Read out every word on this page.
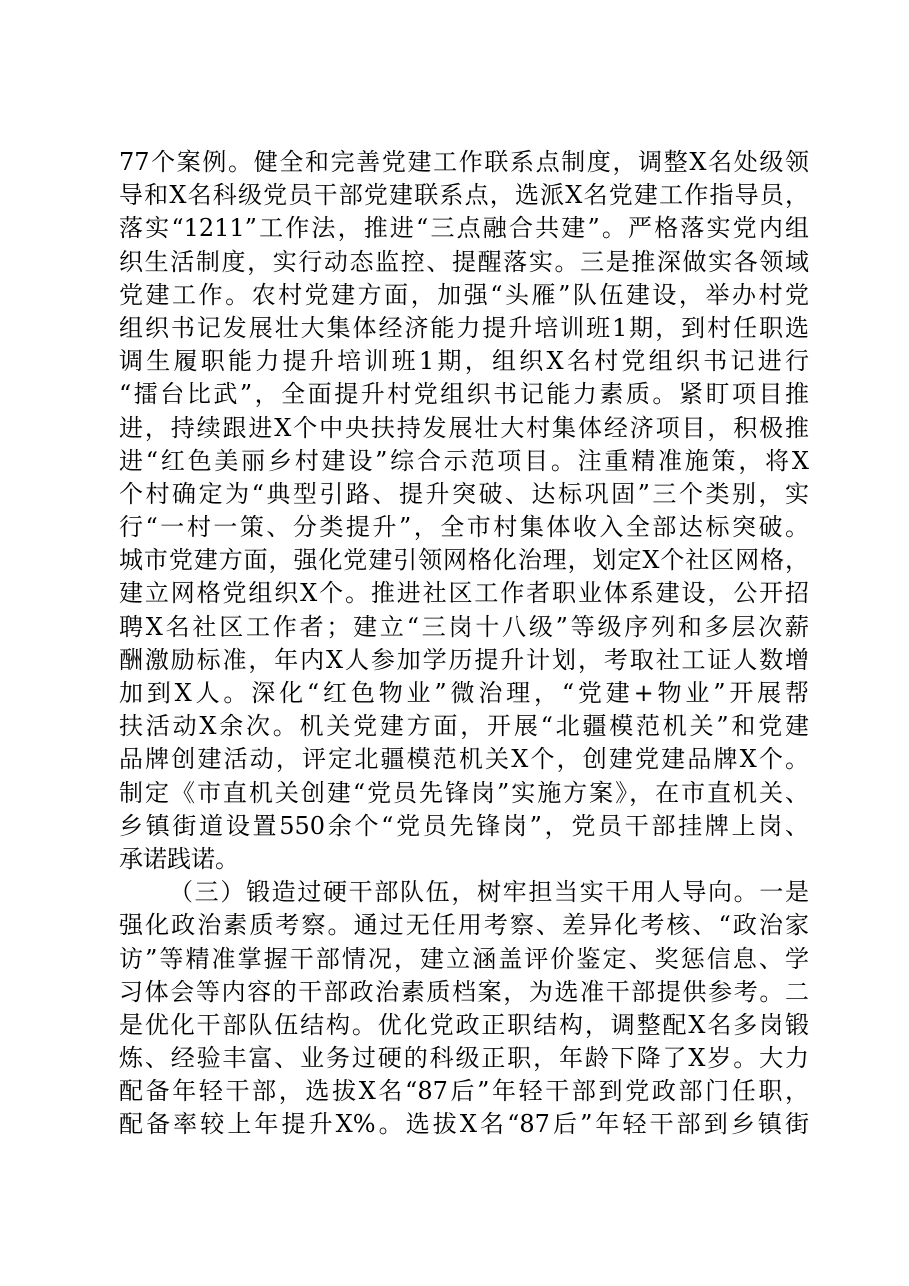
77个案例。健全和完善党建工作联系点制度，调整X名处级领
导和X名科级党员干部党建联系点，选派X名党建工作指导员，
落实“1211”工作法，推进“三点融合共建”。严格落实党内组
织生活制度，实行动态监控、提醒落实。三是推深做实各领域
党建工作。农村党建方面，加强“头雁”队伍建设，举办村党
组织书记发展壮大集体经济能力提升培训班1期，到村任职选
调生履职能力提升培训班1期，组织X名村党组织书记进行
“擂台比武”，全面提升村党组织书记能力素质。紧盯项目推
进，持续跟进X个中央扶持发展壮大村集体经济项目，积极推
进“红色美丽乡村建设”综合示范项目。注重精准施策，将X
个村确定为“典型引路、提升突破、达标巩固”三个类别，实
行“一村一策、分类提升”，全市村集体收入全部达标突破。
城市党建方面，强化党建引领网格化治理，划定X个社区网格，
建立网格党组织X个。推进社区工作者职业体系建设，公开招
聘X名社区工作者；建立“三岗十八级”等级序列和多层次薪
酬激励标准，年内X人参加学历提升计划，考取社工证人数增
加到X人。深化“红色物业”微治理，“党建+物业”开展帮
扶活动X余次。机关党建方面，开展“北疆模范机关”和党建
品牌创建活动，评定北疆模范机关X个，创建党建品牌X个。
制定《市直机关创建“党员先锋岗”实施方案》，在市直机关、
乡镇街道设置550余个“党员先锋岗”，党员干部挂牌上岗、
承诺践诺。
（三）锻造过硬干部队伍，树牢担当实干用人导向。一是
强化政治素质考察。通过无任用考察、差异化考核、“政治家
访”等精准掌握干部情况，建立涵盖评价鉴定、奖惩信息、学
习体会等内容的干部政治素质档案，为选准干部提供参考。二
是优化干部队伍结构。优化党政正职结构，调整配X名多岗锻
炼、经验丰富、业务过硬的科级正职，年龄下降了X岁。大力
配备年轻干部，选拔X名“87后”年轻干部到党政部门任职，
配备率较上年提升X%。选拔X名“87后”年轻干部到乡镇街
